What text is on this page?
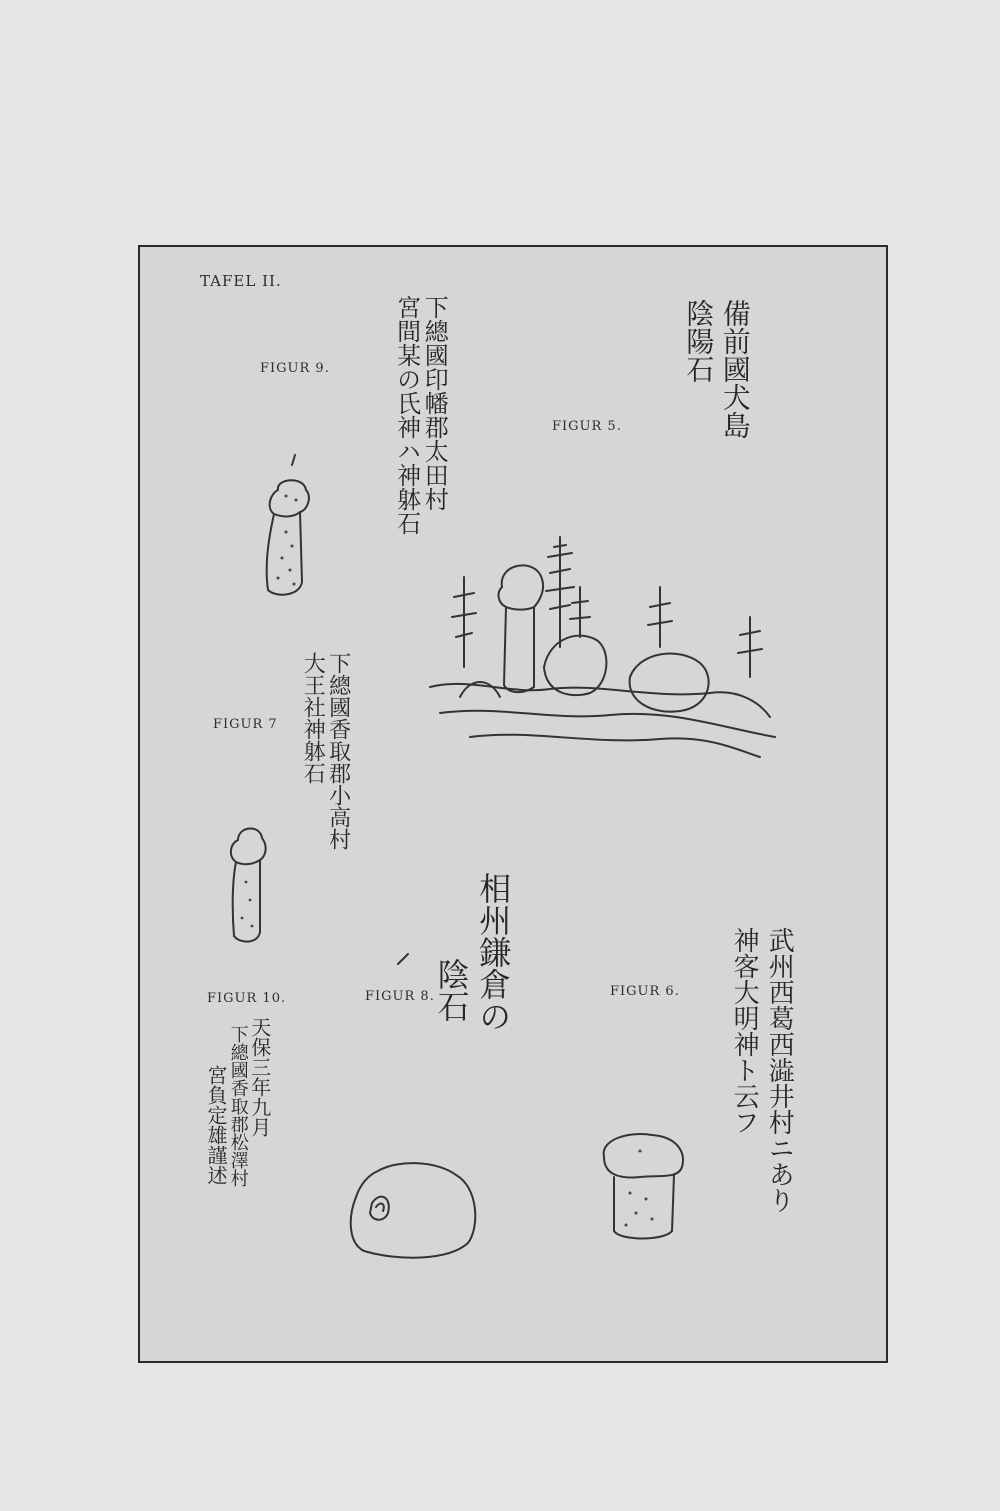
TAFEL II.
FIGUR 9.
FIGUR 5.
FIGUR 7
FIGUR 10.	FIGUR 8.	FIGUR 6.
下總國印幡郡太田村
宮間某の氏神ハ神躰石	備前國犬島
陰陽石
下總國香取郡小高村
大王社神躰石
相州鎌倉の
陰石	武州西葛西澁井村ニあり
神客大明神ト云フ
天保三年九月
下總國香取郡松澤村
宮負定雄謹述
